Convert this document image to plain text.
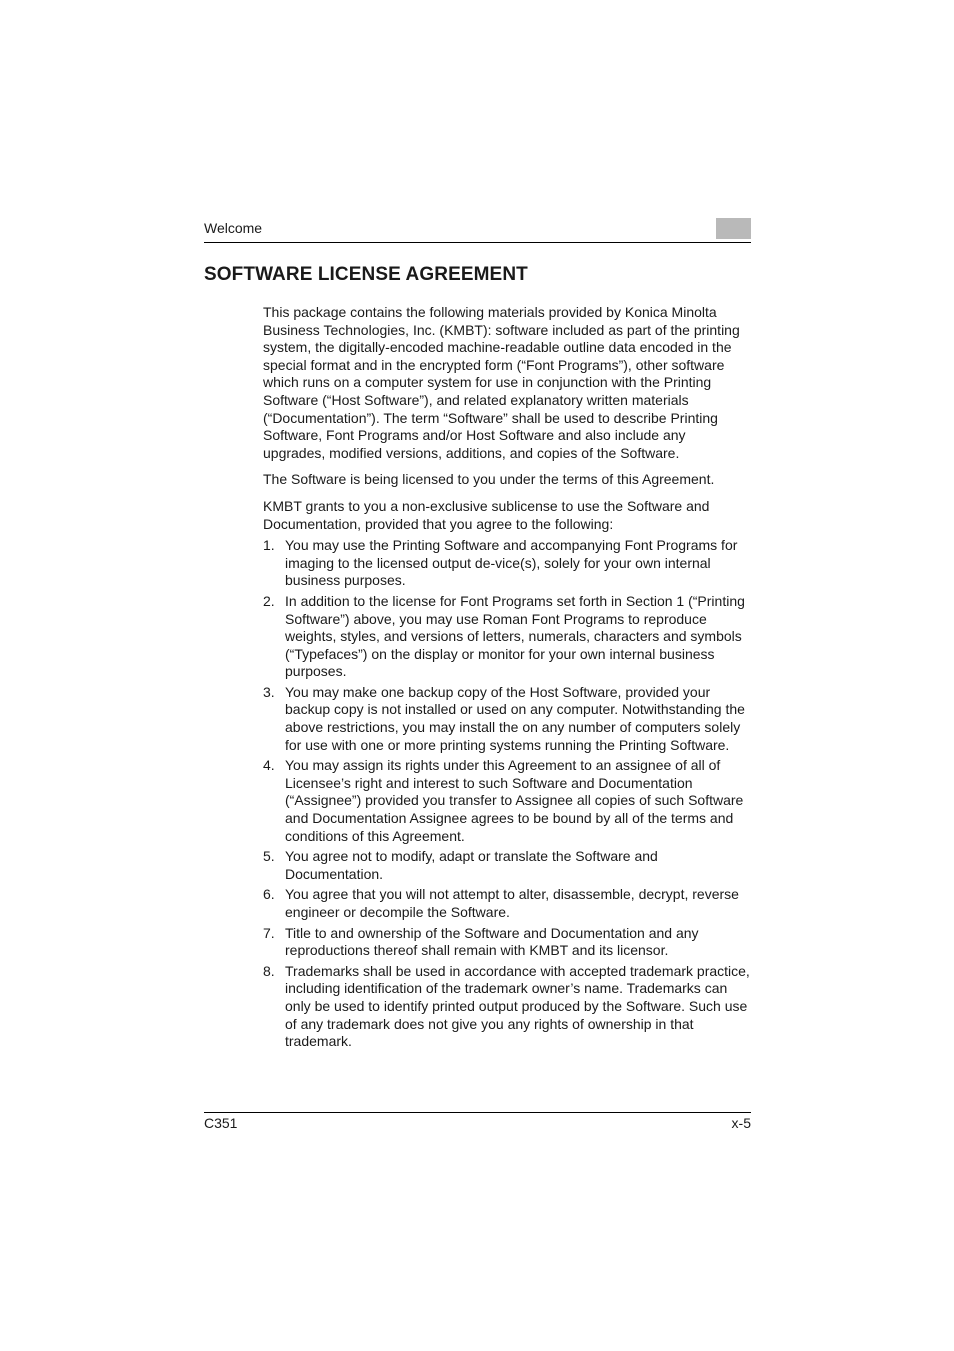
Welcome
SOFTWARE LICENSE AGREEMENT

This package contains the following materials provided by Konica Minolta Business Technologies, Inc. (KMBT): software included as part of the printing system, the digitally-encoded machine-readable outline data encoded in the special format and in the encrypted form (“Font Programs”), other software which runs on a computer system for use in conjunction with the Printing Software (“Host Software”), and related explanatory written materials (“Documentation”). The term “Software” shall be used to describe Printing Software, Font Programs and/or Host Software and also include any upgrades, modified versions, additions, and copies of the Software.

The Software is being licensed to you under the terms of this Agreement.

KMBT grants to you a non-exclusive sublicense to use the Software and Documentation, provided that you agree to the following:

1. You may use the Printing Software and accompanying Font Programs for imaging to the licensed output de-vice(s), solely for your own internal business purposes.
2. In addition to the license for Font Programs set forth in Section 1 (“Printing Software”) above, you may use Roman Font Programs to reproduce weights, styles, and versions of letters, numerals, characters and symbols (“Typefaces”) on the display or monitor for your own internal business purposes.
3. You may make one backup copy of the Host Software, provided your backup copy is not installed or used on any computer. Notwithstanding the above restrictions, you may install the on any number of computers solely for use with one or more printing systems running the Printing Software.
4. You may assign its rights under this Agreement to an assignee of all of Licensee’s right and interest to such Software and Documentation (“Assignee”) provided you transfer to Assignee all copies of such Software and Documentation Assignee agrees to be bound by all of the terms and conditions of this Agreement.
5. You agree not to modify, adapt or translate the Software and Documentation.
6. You agree that you will not attempt to alter, disassemble, decrypt, reverse engineer or decompile the Software.
7. Title to and ownership of the Software and Documentation and any reproductions thereof shall remain with KMBT and its licensor.
8. Trademarks shall be used in accordance with accepted trademark practice, including identification of the trademark owner’s name. Trademarks can only be used to identify printed output produced by the Software. Such use of any trademark does not give you any rights of ownership in that trademark.
C351	x-5
